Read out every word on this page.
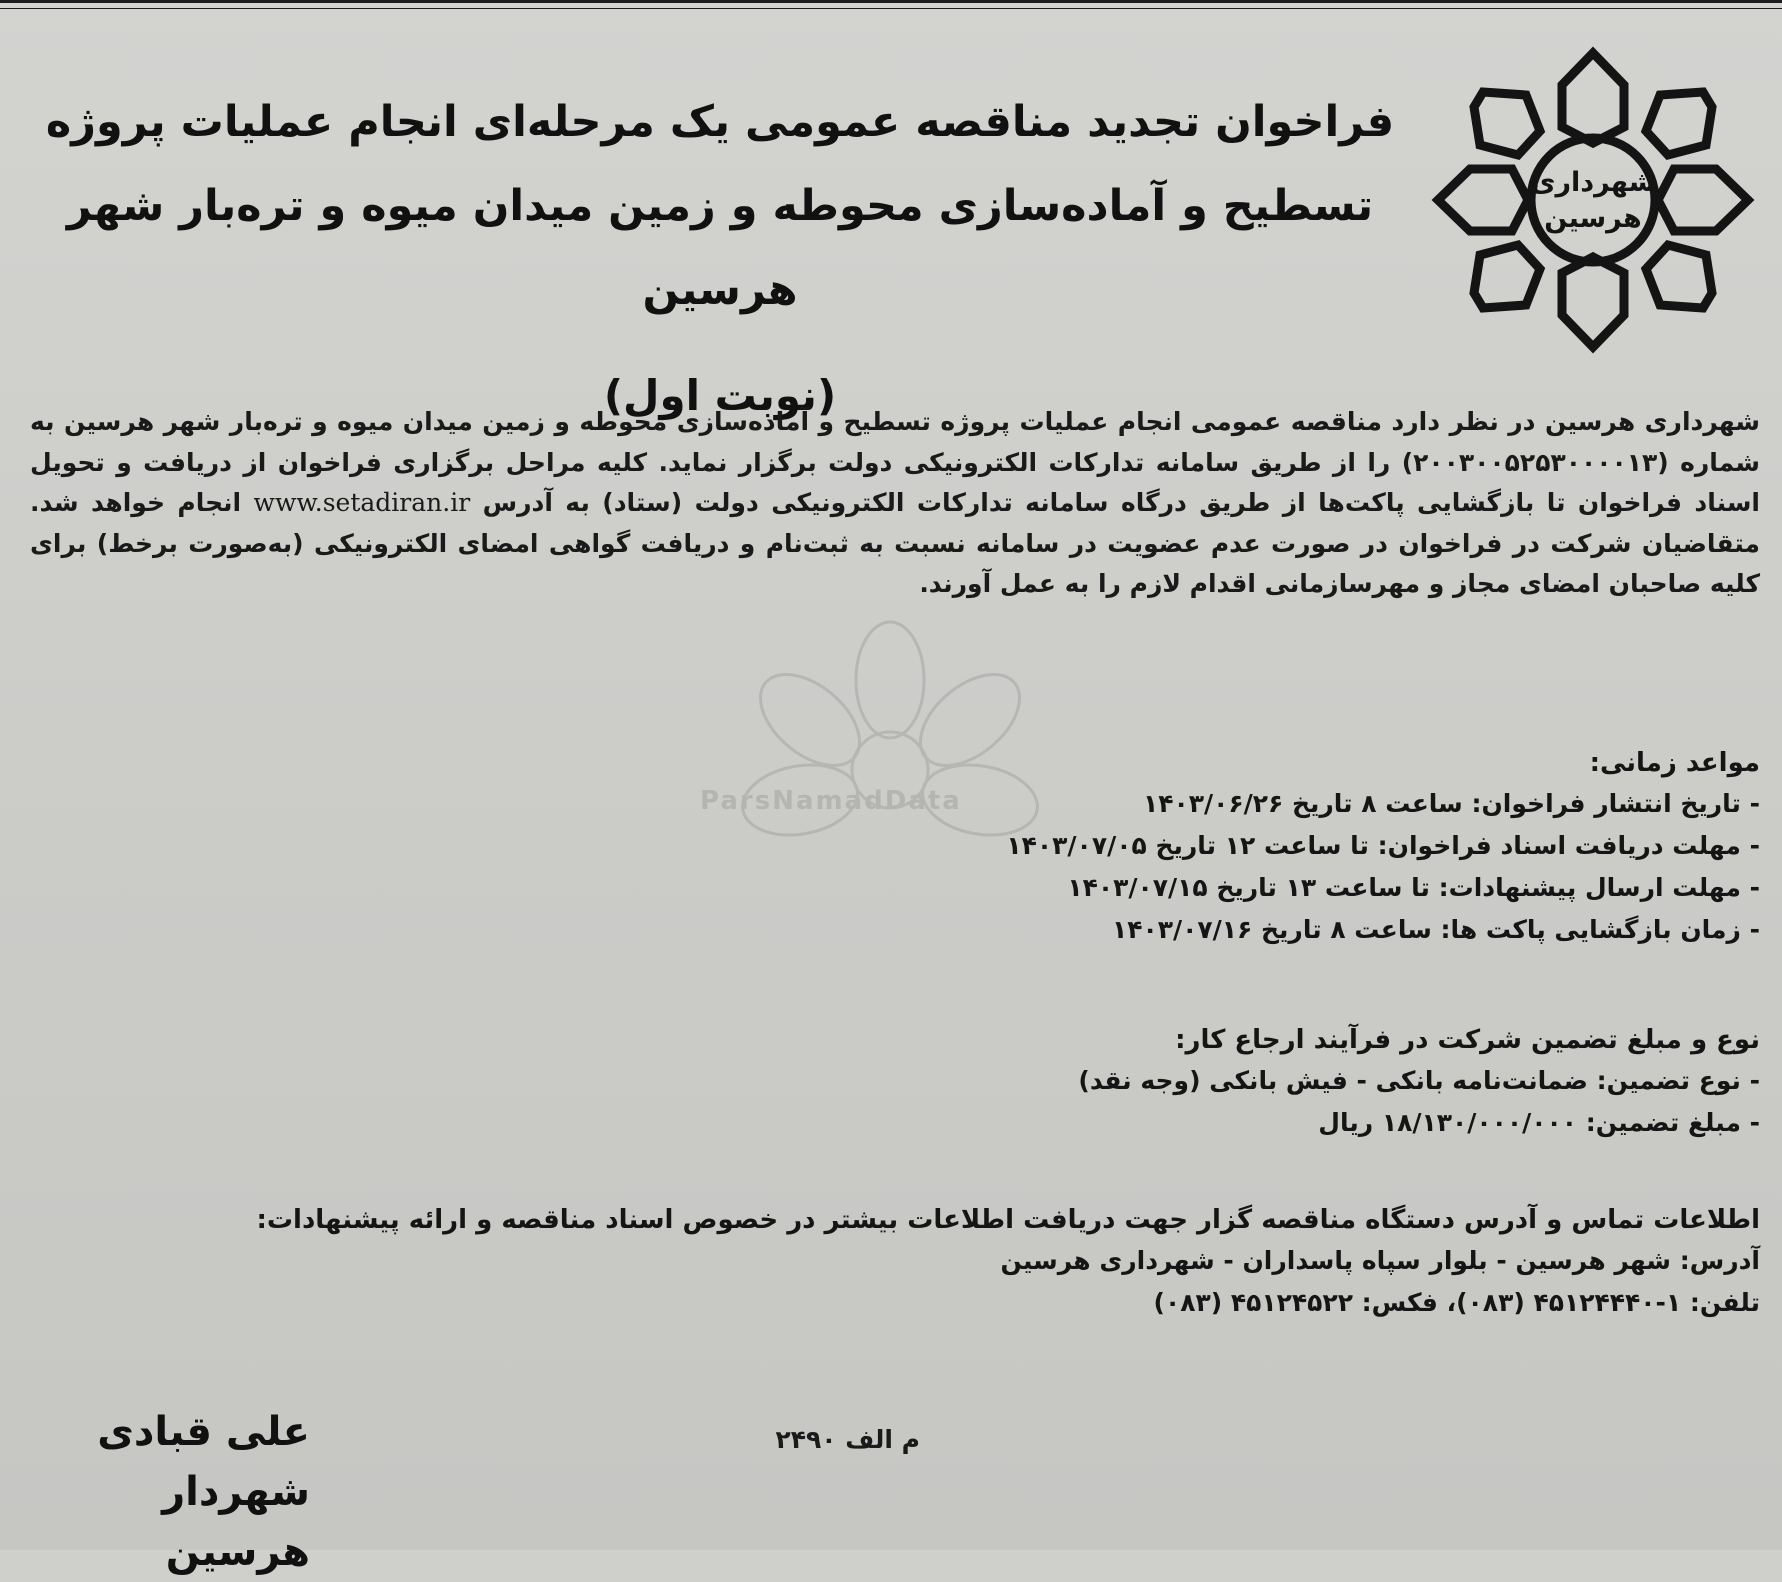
شهرداری
هرسین
فراخوان تجدید مناقصه عمومی یک مرحله‌ای انجام عملیات پروژه
تسطیح و آماده‌سازی محوطه و زمین میدان میوه و تره‌بار شهر هرسین
(نوبت اول)
ParsNamadData
شهرداری هرسین در نظر دارد مناقصه عمومی انجام عملیات پروژه تسطیح و آماده‌سازی محوطه و زمین میدان میوه و تره‌بار شهر هرسین به شماره (۲۰۰۳۰۰۵۲۵۳۰۰۰۰۱۳) را از طریق سامانه تدارکات الکترونیکی دولت برگزار نماید. کلیه مراحل برگزاری فراخوان از دریافت و تحویل اسناد فراخوان تا بازگشایی پاکت‌ها از طریق درگاه سامانه تدارکات الکترونیکی دولت (ستاد) به آدرس www.setadiran.ir انجام خواهد شد. متقاضیان شرکت در فراخوان در صورت عدم عضویت در سامانه نسبت به ثبت‌نام و دریافت گواهی امضای الکترونیکی (به‌صورت برخط) برای کلیه صاحبان امضای مجاز و مهرسازمانی اقدام لازم را به عمل آورند.
مواعد زمانی:
- تاریخ انتشار فراخوان: ساعت ۸ تاریخ ۱۴۰۳/۰۶/۲۶
- مهلت دریافت اسناد فراخوان: تا ساعت ۱۲ تاریخ ۱۴۰۳/۰۷/۰۵
- مهلت ارسال پیشنهادات: تا ساعت ۱۳ تاریخ ۱۴۰۳/۰۷/۱۵
- زمان بازگشایی پاکت ها: ساعت ۸ تاریخ ۱۴۰۳/۰۷/۱۶
نوع و مبلغ تضمین شرکت در فرآیند ارجاع کار:
- نوع تضمین: ضمانت‌نامه بانکی - فیش بانکی (وجه نقد)
- مبلغ تضمین: ۱۸/۱۳۰/۰۰۰/۰۰۰ ریال
اطلاعات تماس و آدرس دستگاه مناقصه گزار جهت دریافت اطلاعات بیشتر در خصوص اسناد مناقصه و ارائه پیشنهادات:
آدرس: شهر هرسین - بلوار سپاه پاسداران - شهرداری هرسین
تلفن: ۱-۴۵۱۲۴۴۴۰ (۰۸۳)، فکس: ۴۵۱۲۴۵۲۲ (۰۸۳)
م الف ۲۴۹۰
علی قبادی
شهردار هرسین
